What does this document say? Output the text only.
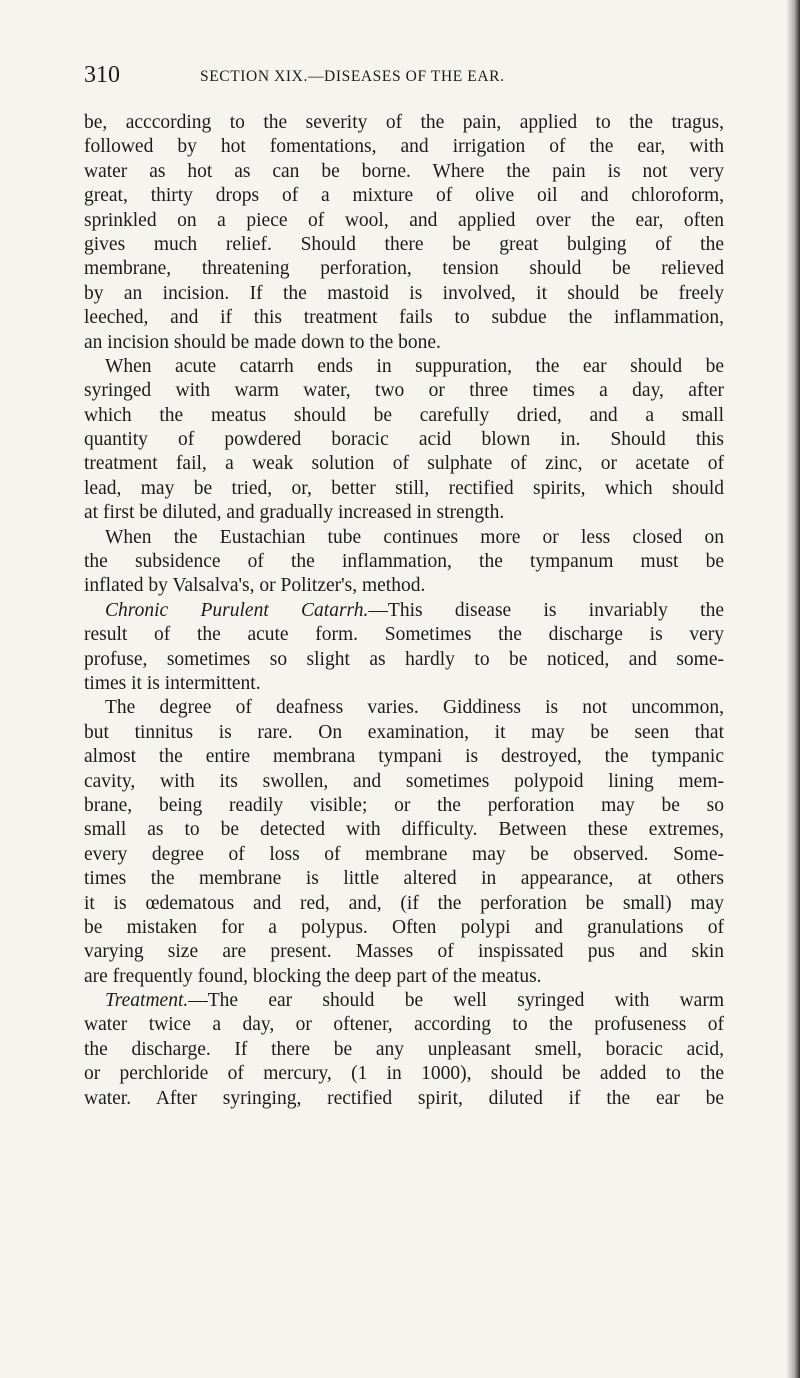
310	SECTION XIX.—DISEASES OF THE EAR.
be, acccording to the severity of the pain, applied to the tragus,
followed by hot fomentations, and irrigation of the ear, with
water as hot as can be borne. Where the pain is not very
great, thirty drops of a mixture of olive oil and chloroform,
sprinkled on a piece of wool, and applied over the ear, often
gives much relief. Should there be great bulging of the
membrane, threatening perforation, tension should be relieved
by an incision. If the mastoid is involved, it should be freely
leeched, and if this treatment fails to subdue the inflammation,
an incision should be made down to the bone.
When acute catarrh ends in suppuration, the ear should be
syringed with warm water, two or three times a day, after
which the meatus should be carefully dried, and a small
quantity of powdered boracic acid blown in. Should this
treatment fail, a weak solution of sulphate of zinc, or acetate of
lead, may be tried, or, better still, rectified spirits, which should
at first be diluted, and gradually increased in strength.
When the Eustachian tube continues more or less closed on
the subsidence of the inflammation, the tympanum must be
inflated by Valsalva's, or Politzer's, method.
Chronic Purulent Catarrh.—This disease is invariably the
result of the acute form. Sometimes the discharge is very
profuse, sometimes so slight as hardly to be noticed, and some-
times it is intermittent.
The degree of deafness varies. Giddiness is not uncommon,
but tinnitus is rare. On examination, it may be seen that
almost the entire membrana tympani is destroyed, the tympanic
cavity, with its swollen, and sometimes polypoid lining mem-
brane, being readily visible; or the perforation may be so
small as to be detected with difficulty. Between these extremes,
every degree of loss of membrane may be observed. Some-
times the membrane is little altered in appearance, at others
it is œdematous and red, and, (if the perforation be small) may
be mistaken for a polypus. Often polypi and granulations of
varying size are present. Masses of inspissated pus and skin
are frequently found, blocking the deep part of the meatus.
Treatment.—The ear should be well syringed with warm
water twice a day, or oftener, according to the profuseness of
the discharge. If there be any unpleasant smell, boracic acid,
or perchloride of mercury, (1 in 1000), should be added to the
water. After syringing, rectified spirit, diluted if the ear be
